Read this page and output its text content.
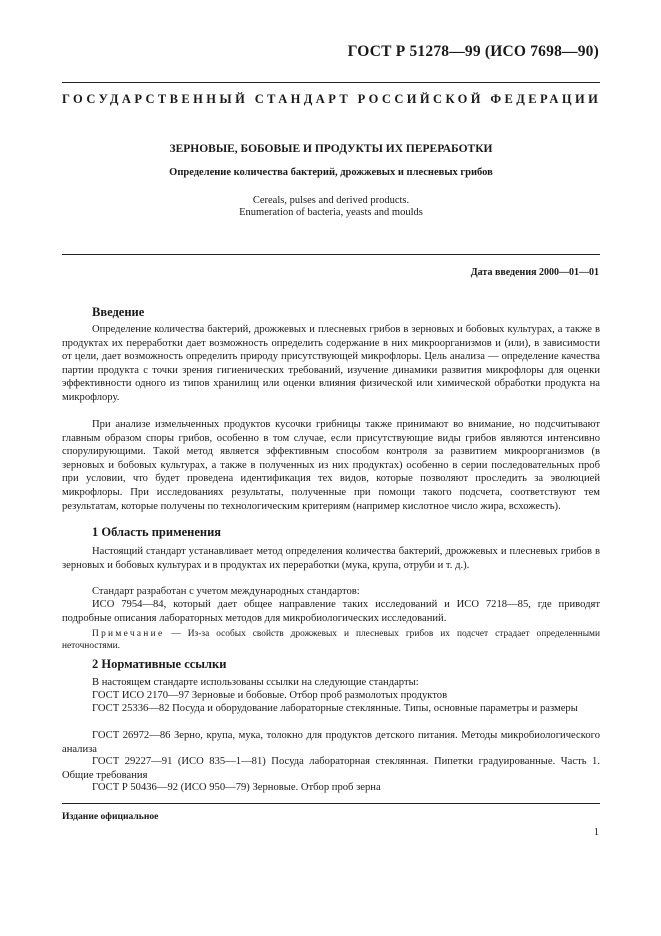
ГОСТ Р 51278—99 (ИСО 7698—90)
ГОСУДАРСТВЕННЫЙ СТАНДАРТ РОССИЙСКОЙ ФЕДЕРАЦИИ
ЗЕРНОВЫЕ, БОБОВЫЕ И ПРОДУКТЫ ИХ ПЕРЕРАБОТКИ
Определение количества бактерий, дрожжевых и плесневых грибов
Cereals, pulses and derived products.
Enumeration of bacteria, yeasts and moulds
Дата введения 2000—01—01
Введение

Определение количества бактерий, дрожжевых и плесневых грибов в зерновых и бобовых культурах, а также в продуктах их переработки дает возможность определить содержание в них микроорганизмов и (или), в зависимости от цели, дает возможность определить природу присутствующей микрофлоры. Цель анализа — определение качества партии продукта с точки зрения гигиенических требований, изучение динамики развития микрофлоры для оценки эффективности одного из типов хранилищ или оценки влияния физической или химической обработки продукта на микрофлору.

При анализе измельченных продуктов кусочки грибницы также принимают во внимание, но подсчитывают главным образом споры грибов, особенно в том случае, если присутствующие виды грибов являются интенсивно спорулирующими. Такой метод является эффективным способом контроля за развитием микроорганизмов (в зерновых и бобовых культурах, а также в полученных из них продуктах) особенно в серии последовательных проб при условии, что будет проведена идентификация тех видов, которые позволяют проследить за эволюцией микрофлоры. При исследованиях результаты, полученные при помощи такого подсчета, соответствуют тем результатам, которые получены по технологическим критериям (например кислотное число жира, всхожесть).

1 Область применения

Настоящий стандарт устанавливает метод определения количества бактерий, дрожжевых и плесневых грибов в зерновых и бобовых культурах и в продуктах их переработки (мука, крупа, отруби и т. д.).

Стандарт разработан с учетом международных стандартов:

ИСО 7954—84, который дает общее направление таких исследований и ИСО 7218—85, где приводят подробные описания лабораторных методов для микробиологических исследований.

Примечание — Из-за особых свойств дрожжевых и плесневых грибов их подсчет страдает определенными неточностями.

2 Нормативные ссылки
В настоящем стандарте использованы ссылки на следующие стандарты:
ГОСТ ИСО 2170—97 Зерновые и бобовые. Отбор проб размолотых продуктов

ГОСТ 25336—82 Посуда и оборудование лабораторные стеклянные. Типы, основные параметры и размеры

ГОСТ 26972—86 Зерно, крупа, мука, толокно для продуктов детского питания. Методы микробиологического анализа

ГОСТ 29227—91 (ИСО 835—1—81) Посуда лабораторная стеклянная. Пипетки градуированные. Часть 1. Общие требования

ГОСТ Р 50436—92 (ИСО 950—79) Зерновые. Отбор проб зерна
Издание официальное
1
